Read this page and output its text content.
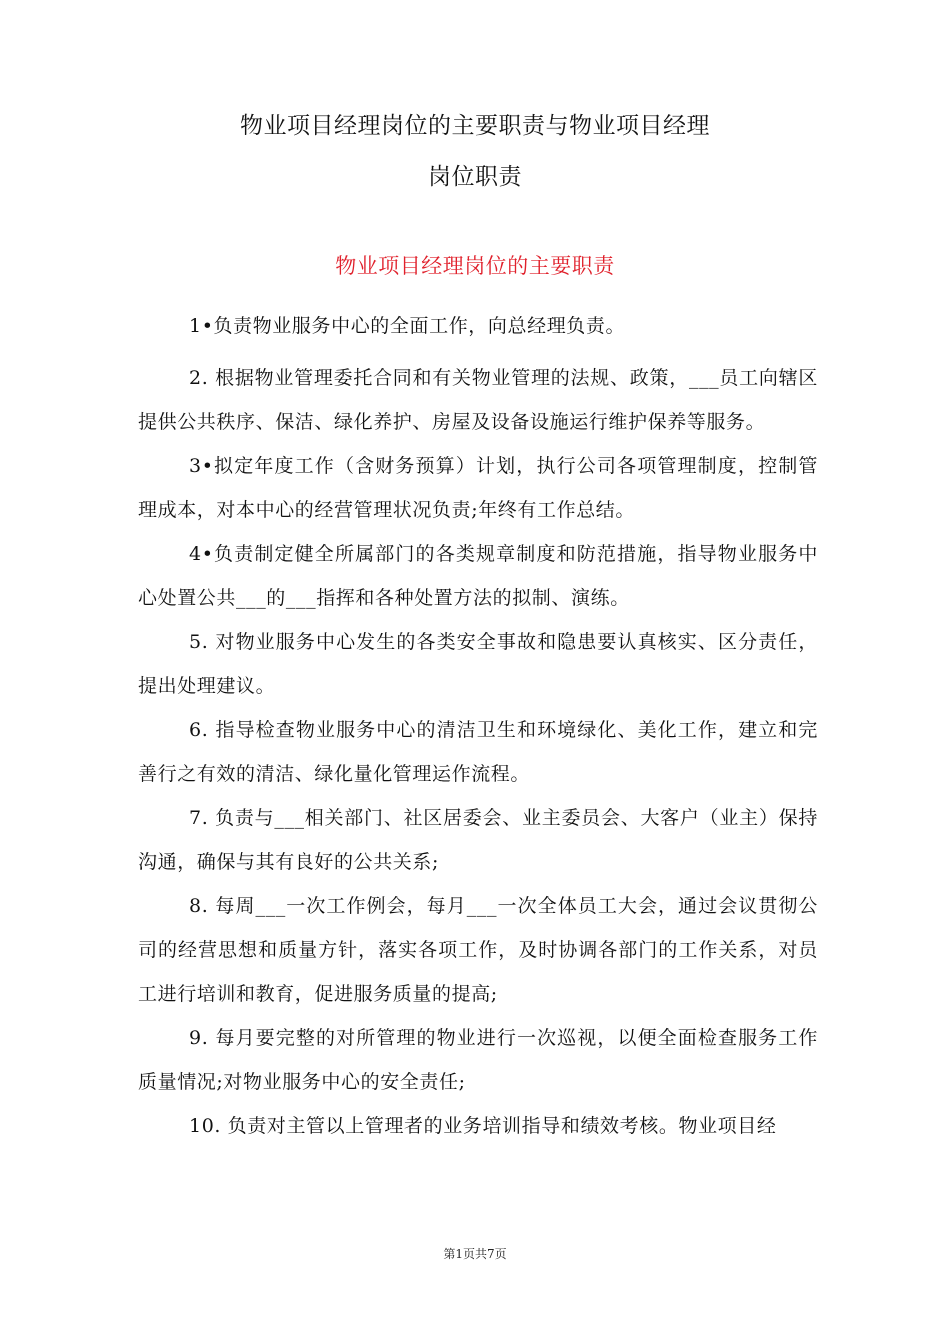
物业项目经理岗位的主要职责与物业项目经理
岗位职责
物业项目经理岗位的主要职责

1•负责物业服务中心的全面工作，向总经理负责。

2. 根据物业管理委托合同和有关物业管理的法规、政策，___员工向辖区提供公共秩序、保洁、绿化养护、房屋及设备设施运行维护保养等服务。

3•拟定年度工作（含财务预算）计划，执行公司各项管理制度，控制管理成本，对本中心的经营管理状况负责;年终有工作总结。

4•负责制定健全所属部门的各类规章制度和防范措施，指导物业服务中心处置公共___的___指挥和各种处置方法的拟制、演练。

5. 对物业服务中心发生的各类安全事故和隐患要认真核实、区分责任，提出处理建议。

6. 指导检查物业服务中心的清洁卫生和环境绿化、美化工作，建立和完善行之有效的清洁、绿化量化管理运作流程。

7. 负责与___相关部门、社区居委会、业主委员会、大客户（业主）保持沟通，确保与其有良好的公共关系;

8. 每周___一次工作例会，每月___一次全体员工大会，通过会议贯彻公司的经营思想和质量方针，落实各项工作，及时协调各部门的工作关系，对员工进行培训和教育，促进服务质量的提高;

9. 每月要完整的对所管理的物业进行一次巡视，以便全面检查服务工作质量情况;对物业服务中心的安全责任;

10. 负责对主管以上管理者的业务培训指导和绩效考核。物业项目经

第1页共7页
